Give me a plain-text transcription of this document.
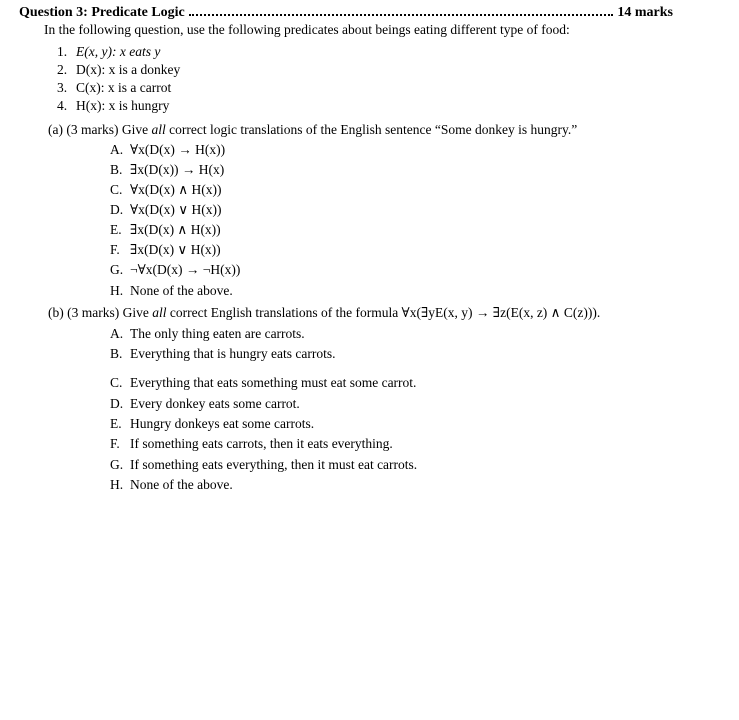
Question 3: Predicate Logic	14 marks
In the following question, use the following predicates about beings eating different type of food:
1. E(x, y): x eats y
2. D(x): x is a donkey
3. C(x): x is a carrot
4. H(x): x is hungry
(a) (3 marks) Give all correct logic translations of the English sentence “Some donkey is hungry.”
A. ∀x(D(x) → H(x))
B. ∃x(D(x)) → H(x)
C. ∀x(D(x) ∧ H(x))
D. ∀x(D(x) ∨ H(x))
E. ∃x(D(x) ∧ H(x))
F. ∃x(D(x) ∨ H(x))
G. ¬∀x(D(x) → ¬H(x))
H. None of the above.
(b) (3 marks) Give all correct English translations of the formula ∀x(∃yE(x, y) → ∃z(E(x, z) ∧ C(z))).
A. The only thing eaten are carrots.
B. Everything that is hungry eats carrots.
C. Everything that eats something must eat some carrot.
D. Every donkey eats some carrot.
E. Hungry donkeys eat some carrots.
F. If something eats carrots, then it eats everything.
G. If something eats everything, then it must eat carrots.
H. None of the above.
